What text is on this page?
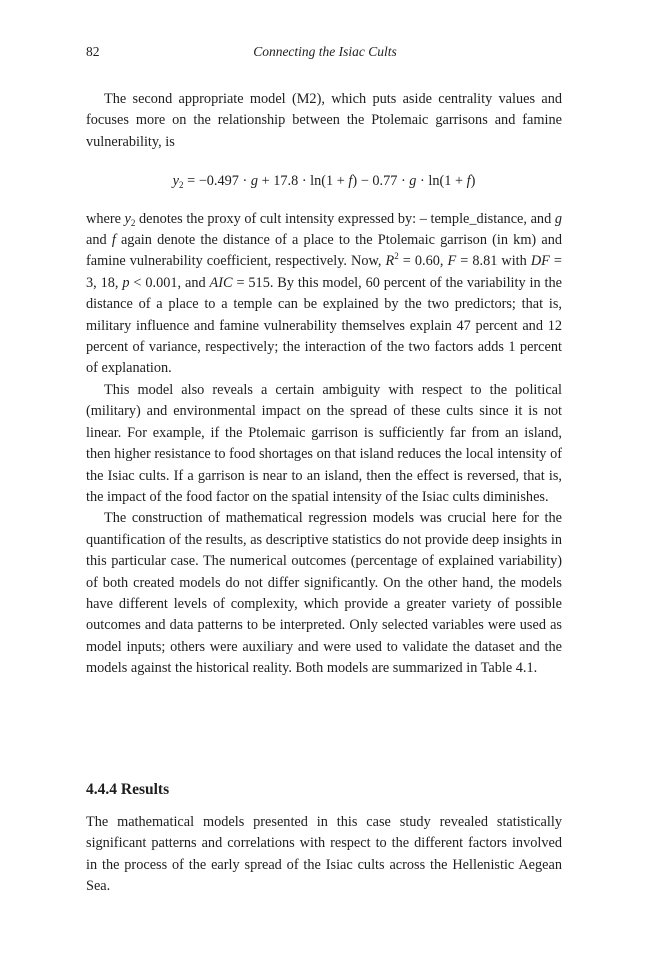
82	Connecting the Isiac Cults

The second appropriate model (M2), which puts aside centrality values and focuses more on the relationship between the Ptolemaic garrisons and famine vulnerability, is

$y_2 = -0.497 \cdot g + 17.8 \cdot \ln(1 + f) - 0.77 \cdot g \cdot \ln(1 + f)$

where $y_2$ denotes the proxy of cult intensity expressed by: – temple_distance, and g and f again denote the distance of a place to the Ptolemaic garrison (in km) and famine vulnerability coefficient, respectively. Now, $R^2 = 0.60$, F = 8.81 with DF = 3, 18, p < 0.001, and AIC = 515. By this model, 60 percent of the variability in the distance of a place to a temple can be explained by the two predictors; that is, military influence and famine vulnerability themselves explain 47 percent and 12 percent of variance, respectively; the interaction of the two factors adds 1 percent of explanation.

This model also reveals a certain ambiguity with respect to the political (military) and environmental impact on the spread of these cults since it is not linear. For example, if the Ptolemaic garrison is sufficiently far from an island, then higher resistance to food shortages on that island reduces the local intensity of the Isiac cults. If a garrison is near to an island, then the effect is reversed, that is, the impact of the food factor on the spatial intensity of the Isiac cults diminishes.

The construction of mathematical regression models was crucial here for the quantification of the results, as descriptive statistics do not provide deep insights in this particular case. The numerical outcomes (percentage of explained variability) of both created models do not differ significantly. On the other hand, the models have different levels of complexity, which provide a greater variety of possible outcomes and data patterns to be interpreted. Only selected variables were used as model inputs; others were auxiliary and were used to validate the dataset and the models against the historical reality. Both models are summarized in Table 4.1.

4.4.4 Results

The mathematical models presented in this case study revealed statistically significant patterns and correlations with respect to the different factors involved in the process of the early spread of the Isiac cults across the Hellenistic Aegean Sea.
